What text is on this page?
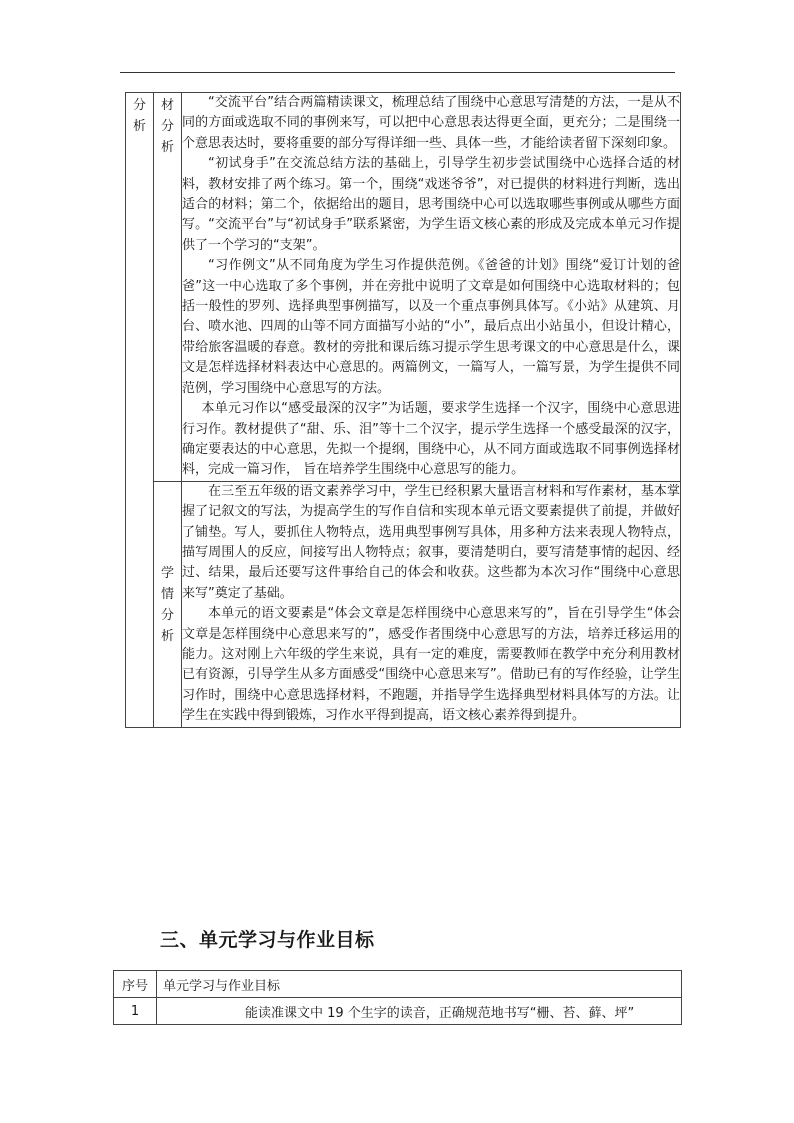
分析	材分析	“交流平台”结合两篇精读课文，梳理总结了围绕中心意思写清楚的方法，一是从不同的方面或选取不同的事例来写，可以把中心意思表达得更全面，更充分；二是围绕一个意思表达时，要将重要的部分写得详细一些、具体一些，才能给读者留下深刻印象。

“初试身手”在交流总结方法的基础上，引导学生初步尝试围绕中心选择合适的材料，教材安排了两个练习。第一个，围绕“戏迷爷爷”，对已提供的材料进行判断，选出适合的材料；第二个，依据给出的题目，思考围绕中心可以选取哪些事例或从哪些方面写。“交流平台”与“初试身手”联系紧密，为学生语文核心素的形成及完成本单元习作提供了一个学习的“支架”。

“习作例文”从不同角度为学生习作提供范例。《爸爸的计划》围绕“爱订计划的爸爸”这一中心选取了多个事例，并在旁批中说明了文章是如何围绕中心选取材料的；包括一般性的罗列、选择典型事例描写，以及一个重点事例具体写。《小站》从建筑、月台、喷水池、四周的山等不同方面描写小站的“小”，最后点出小站虽小，但设计精心，带给旅客温暖的春意。教材的旁批和课后练习提示学生思考课文的中心意思是什么，课文是怎样选择材料表达中心意思的。两篇例文，一篇写人，一篇写景，为学生提供不同范例，学习围绕中心意思写的方法。

本单元习作以“感受最深的汉字”为话题，要求学生选择一个汉字，围绕中心意思进行习作。教材提供了“甜、乐、泪”等十二个汉字，提示学生选择一个感受最深的汉字，确定要表达的中心意思，先拟一个提纲，围绕中心，从不同方面或选取不同事例选择材料，完成一篇习作， 旨在培养学生围绕中心意思写的能力。

	学情分析	在三至五年级的语文素养学习中，学生已经积累大量语言材料和写作素材，基本掌握了记叙文的写法，为提高学生的写作自信和实现本单元语文要素提供了前提，并做好了铺垫。写人，要抓住人物特点，选用典型事例写具体，用多种方法来表现人物特点，描写周围人的反应，间接写出人物特点；叙事，要清楚明白，要写清楚事情的起因、经过、结果，最后还要写这件事给自己的体会和收获。这些都为本次习作“围绕中心意思来写”奠定了基础。

本单元的语文要素是“体会文章是怎样围绕中心意思来写的”，旨在引导学生“体会文章是怎样围绕中心意思来写的”，感受作者围绕中心意思写的方法，培养迁移运用的能力。这对刚上六年级的学生来说，具有一定的难度，需要教师在教学中充分利用教材已有资源，引导学生从多方面感受“围绕中心意思来写”。借助已有的写作经验，让学生习作时，围绕中心意思选择材料，不跑题，并指导学生选择典型材料具体写的方法。让学生在实践中得到锻炼，习作水平得到提高，语文核心素养得到提升。

三、单元学习与作业目标
序号	单元学习与作业目标
1	能读准课文中 19 个生字的读音，正确规范地书写“栅、苔、藓、坪”
